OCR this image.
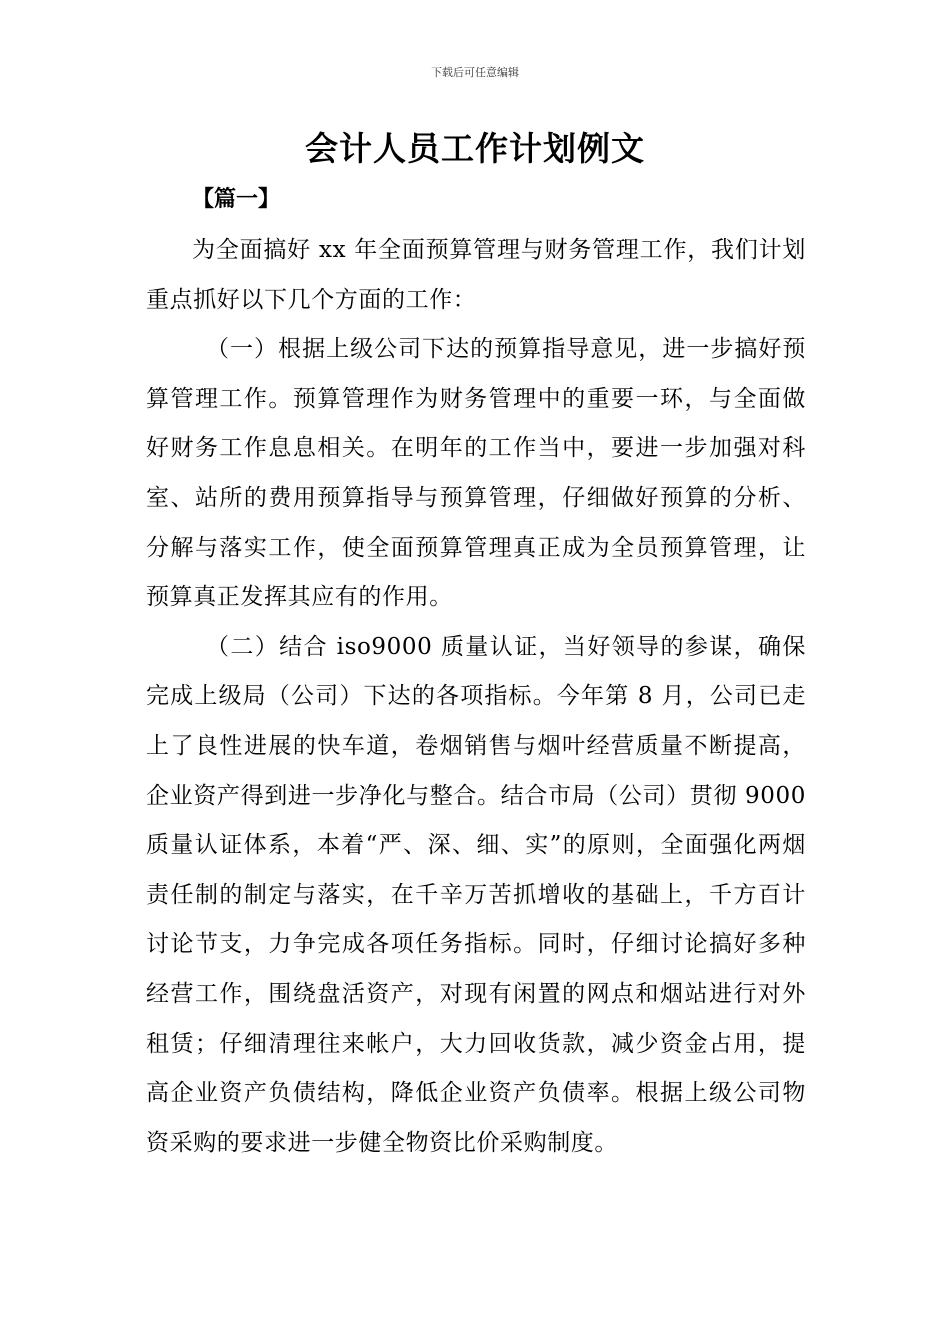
下载后可任意编辑
会计人员工作计划例文
【篇一】

为全面搞好 xx 年全面预算管理与财务管理工作，我们计划重点抓好以下几个方面的工作：

（一）根据上级公司下达的预算指导意见，进一步搞好预算管理工作。预算管理作为财务管理中的重要一环，与全面做好财务工作息息相关。在明年的工作当中，要进一步加强对科室、站所的费用预算指导与预算管理，仔细做好预算的分析、分解与落实工作，使全面预算管理真正成为全员预算管理，让预算真正发挥其应有的作用。

（二）结合 iso9000 质量认证，当好领导的参谋，确保完成上级局（公司）下达的各项指标。今年第 8 月，公司已走上了良性进展的快车道，卷烟销售与烟叶经营质量不断提高，企业资产得到进一步净化与整合。结合市局（公司）贯彻 9000 质量认证体系，本着“严、深、细、实”的原则，全面强化两烟责任制的制定与落实，在千辛万苦抓增收的基础上，千方百计讨论节支，力争完成各项任务指标。同时，仔细讨论搞好多种经营工作，围绕盘活资产，对现有闲置的网点和烟站进行对外租赁；仔细清理往来帐户，大力回收货款，减少资金占用，提高企业资产负债结构，降低企业资产负债率。根据上级公司物资采购的要求进一步健全物资比价采购制度。
